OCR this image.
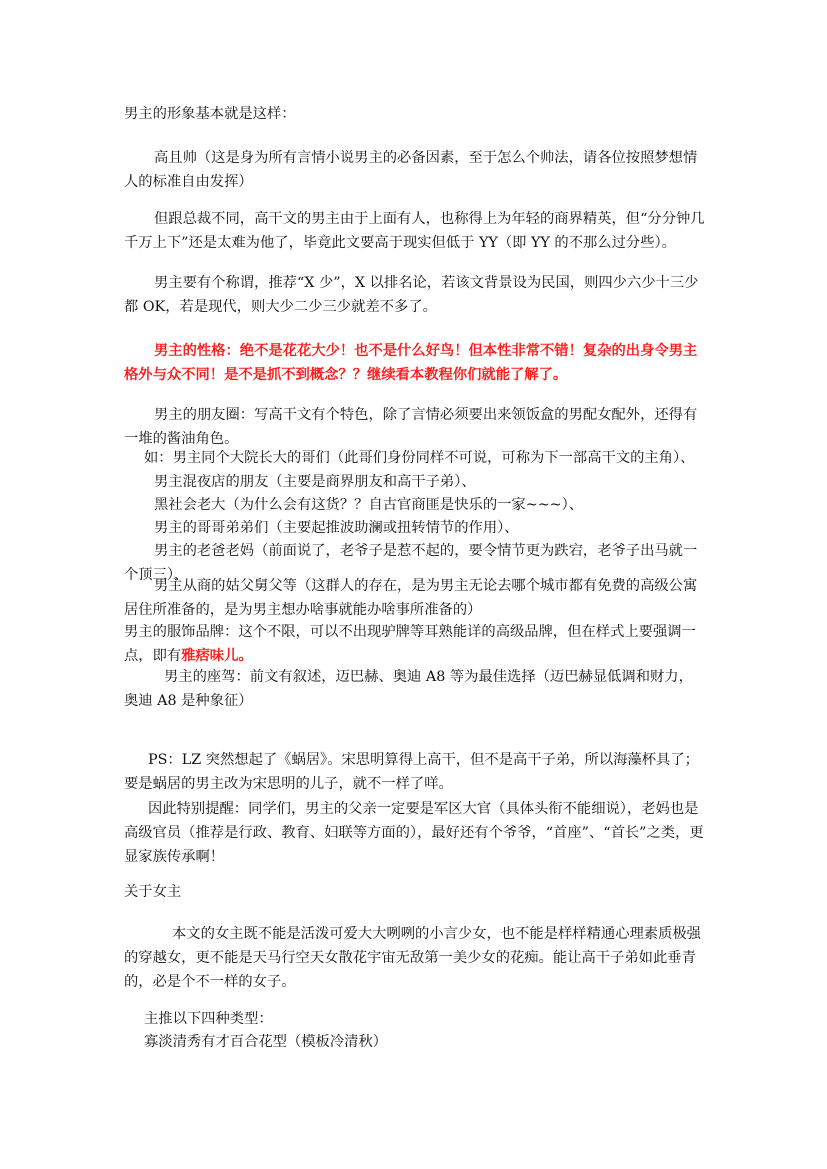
男主的形象基本就是这样：

高且帅（这是身为所有言情小说男主的必备因素，至于怎么个帅法，请各位按照梦想情人的标准自由发挥）

但跟总裁不同，高干文的男主由于上面有人，也称得上为年轻的商界精英，但“分分钟几千万上下”还是太难为他了，毕竟此文要高于现实但低于 YY（即 YY 的不那么过分些）。

男主要有个称谓，推荐“X 少”，X 以排名论，若该文背景设为民国，则四少六少十三少都 OK，若是现代，则大少二少三少就差不多了。

男主的性格：绝不是花花大少！也不是什么好鸟！但本性非常不错！复杂的出身令男主格外与众不同！是不是抓不到概念？？继续看本教程你们就能了解了。

男主的朋友圈：写高干文有个特色，除了言情必须要出来领饭盒的男配女配外，还得有一堆的酱油角色。

如：男主同个大院长大的哥们（此哥们身份同样不可说，可称为下一部高干文的主角）、

男主混夜店的朋友（主要是商界朋友和高干子弟）、

黑社会老大（为什么会有这货？？自古官商匪是快乐的一家~~~）、

男主的哥哥弟弟们（主要起推波助澜或扭转情节的作用）、

男主的老爸老妈（前面说了，老爷子是惹不起的，要令情节更为跌宕，老爷子出马就一个顶三）、

男主从商的姑父舅父等（这群人的存在，是为男主无论去哪个城市都有免费的高级公寓居住所准备的，是为男主想办啥事就能办啥事所准备的）

男主的服饰品牌：这个不限，可以不出现驴牌等耳熟能详的高级品牌，但在样式上要强调一点，即有雅痞味儿。

男主的座驾：前文有叙述，迈巴赫、奥迪 A8 等为最佳选择（迈巴赫显低调和财力，奥迪 A8 是种象征）

PS：LZ 突然想起了《蜗居》。宋思明算得上高干，但不是高干子弟，所以海藻杯具了；要是蜗居的男主改为宋思明的儿子，就不一样了咩。

因此特别提醒：同学们，男主的父亲一定要是军区大官（具体头衔不能细说），老妈也是高级官员（推荐是行政、教育、妇联等方面的），最好还有个爷爷，“首座”、“首长”之类，更显家族传承啊！

关于女主

本文的女主既不能是活泼可爱大大咧咧的小言少女，也不能是样样精通心理素质极强的穿越女，更不能是天马行空天女散花宇宙无敌第一美少女的花痴。能让高干子弟如此垂青的，必是个不一样的女子。

主推以下四种类型：

寡淡清秀有才百合花型（模板冷清秋）
